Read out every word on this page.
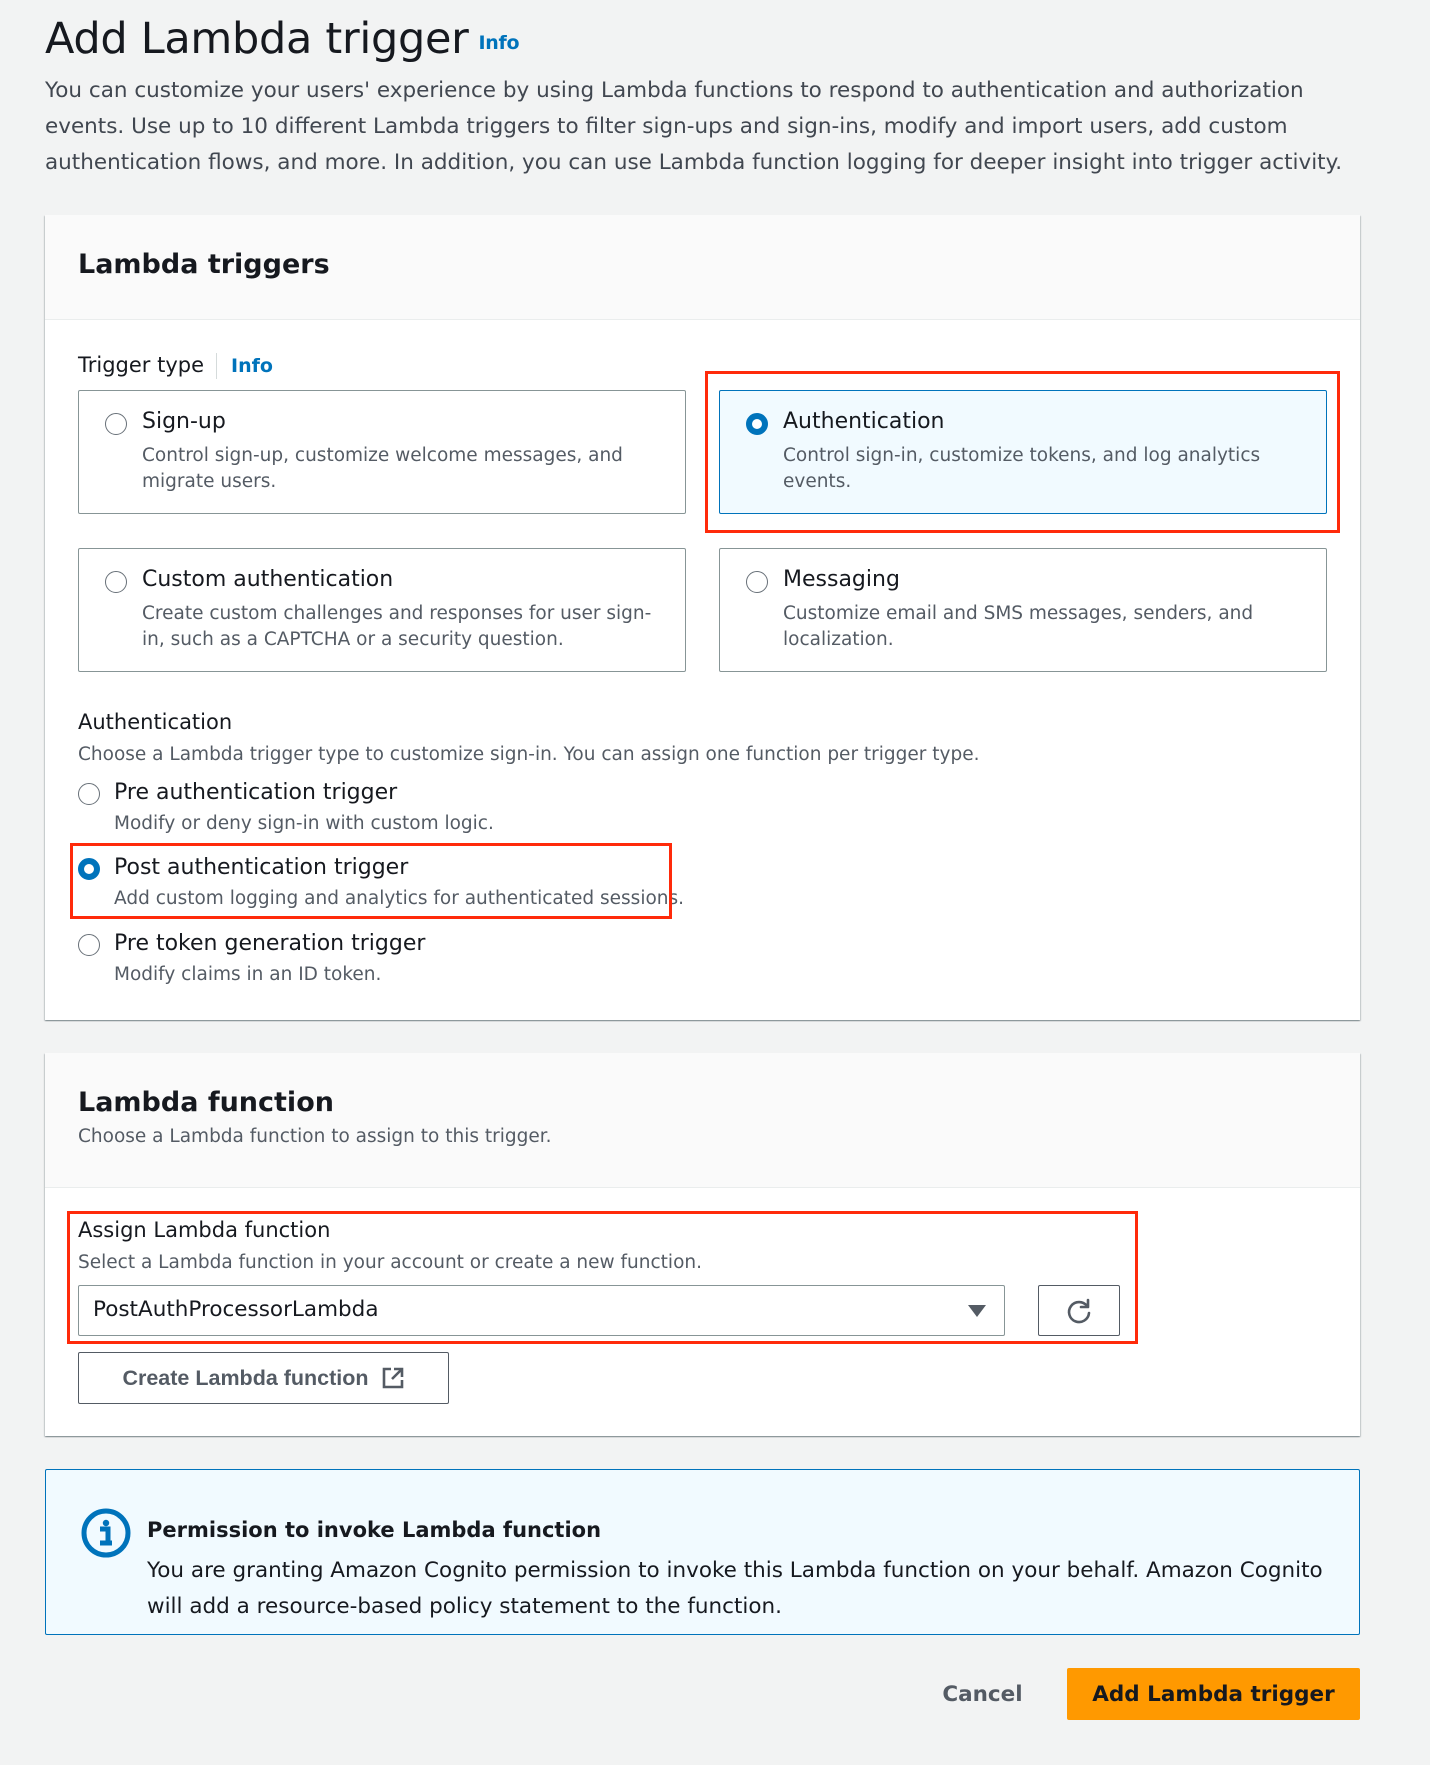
Add Lambda trigger Info

You can customize your users' experience by using Lambda functions to respond to authentication and authorization events. Use up to 10 different Lambda triggers to filter sign-ups and sign-ins, modify and import users, add custom authentication flows, and more. In addition, you can use Lambda function logging for deeper insight into trigger activity.

Lambda triggers
Trigger type Info
Sign-up
Control sign-up, customize welcome messages, and migrate users.
Authentication
Control sign-in, customize tokens, and log analytics events.
Custom authentication
Create custom challenges and responses for user sign-in, such as a CAPTCHA or a security question.
Messaging
Customize email and SMS messages, senders, and localization.
Authentication
Choose a Lambda trigger type to customize sign-in. You can assign one function per trigger type.
Pre authentication trigger
Modify or deny sign-in with custom logic.
Post authentication trigger
Add custom logging and analytics for authenticated sessions.
Pre token generation trigger
Modify claims in an ID token.
Lambda function

Choose a Lambda function to assign to this trigger.

Assign Lambda function
Select a Lambda function in your account or create a new function.
PostAuthProcessorLambda
Create Lambda function
Permission to invoke Lambda function
You are granting Amazon Cognito permission to invoke this Lambda function on your behalf. Amazon Cognito will add a resource-based policy statement to the function.
Cancel	Add Lambda trigger
